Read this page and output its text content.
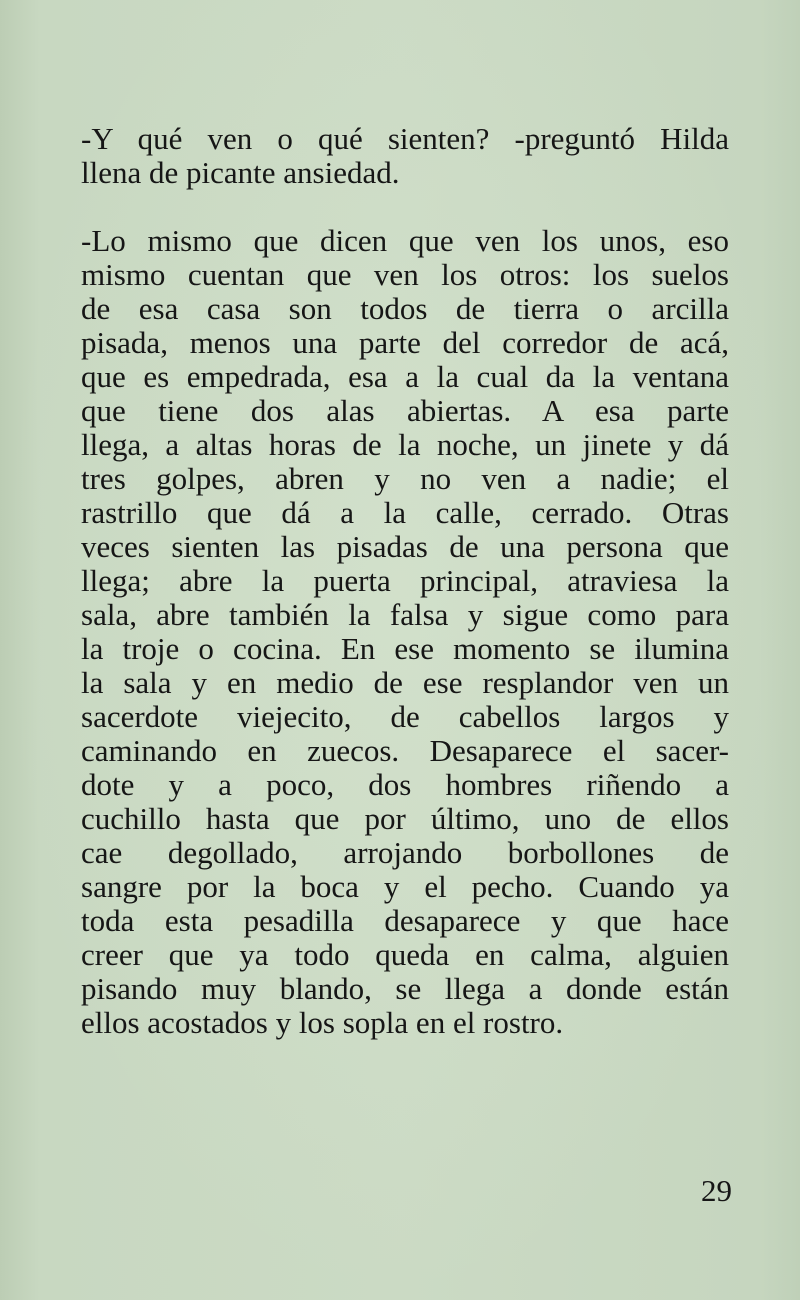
-Y qué ven o qué sienten? -preguntó Hilda
llena de picante ansiedad.

-Lo mismo que dicen que ven los unos, eso
mismo cuentan que ven los otros: los suelos
de esa casa son todos de tierra o arcilla
pisada, menos una parte del corredor de acá,
que es empedrada, esa a la cual da la ventana
que tiene dos alas abiertas. A esa parte
llega, a altas horas de la noche, un jinete y dá
tres golpes, abren y no ven a nadie; el
rastrillo que dá a la calle, cerrado. Otras
veces sienten las pisadas de una persona que
llega; abre la puerta principal, atraviesa la
sala, abre también la falsa y sigue como para
la troje o cocina. En ese momento se ilumina
la sala y en medio de ese resplandor ven un
sacerdote viejecito, de cabellos largos y
caminando en zuecos. Desaparece el sacer-
dote y a poco, dos hombres riñendo a
cuchillo hasta que por último, uno de ellos
cae degollado, arrojando borbollones de
sangre por la boca y el pecho. Cuando ya
toda esta pesadilla desaparece y que hace
creer que ya todo queda en calma, alguien
pisando muy blando, se llega a donde están
ellos acostados y los sopla en el rostro.

29
